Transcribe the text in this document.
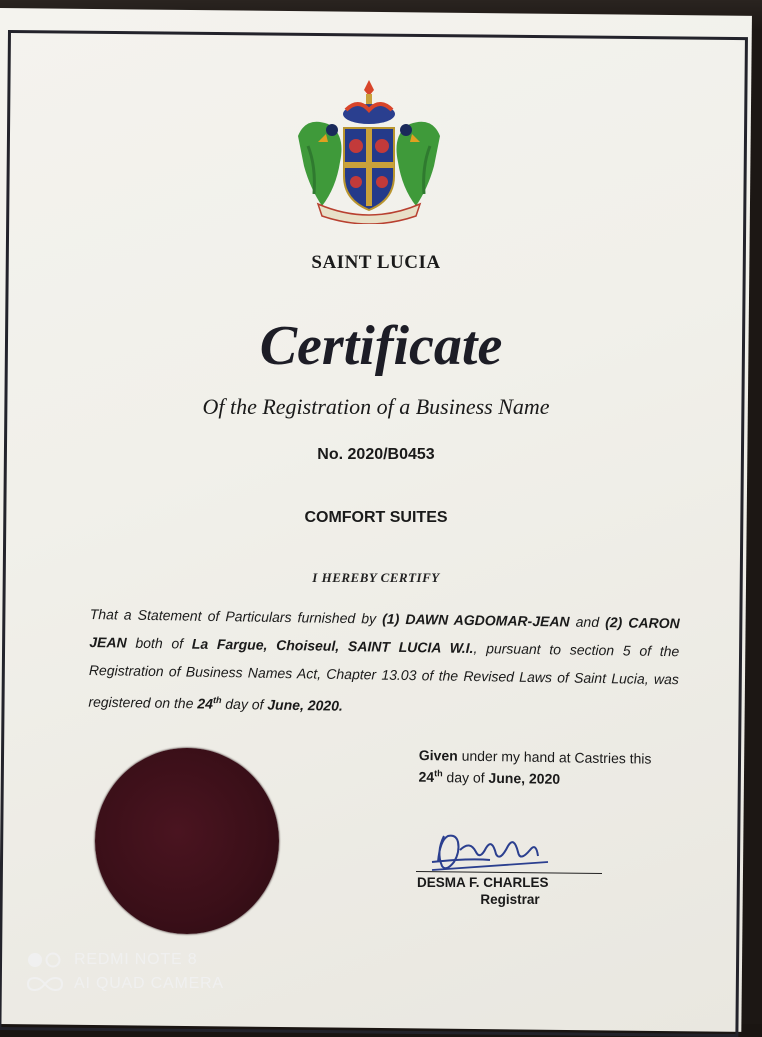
SAINT LUCIA
Certificate
Of the Registration of a Business Name
No. 2020/B0453
COMFORT SUITES
I HEREBY CERTIFY
That a Statement of Particulars furnished by (1) DAWN AGDOMAR-JEAN and (2) CARON JEAN both of La Fargue, Choiseul, SAINT LUCIA W.I., pursuant to section 5 of the Registration of Business Names Act, Chapter 13.03 of the Revised Laws of Saint Lucia, was registered on the 24th day of June, 2020.
Given under my hand at Castries this
24th day of June, 2020
DESMA F. CHARLES
Registrar
REDMI NOTE 8
AI QUAD CAMERA
